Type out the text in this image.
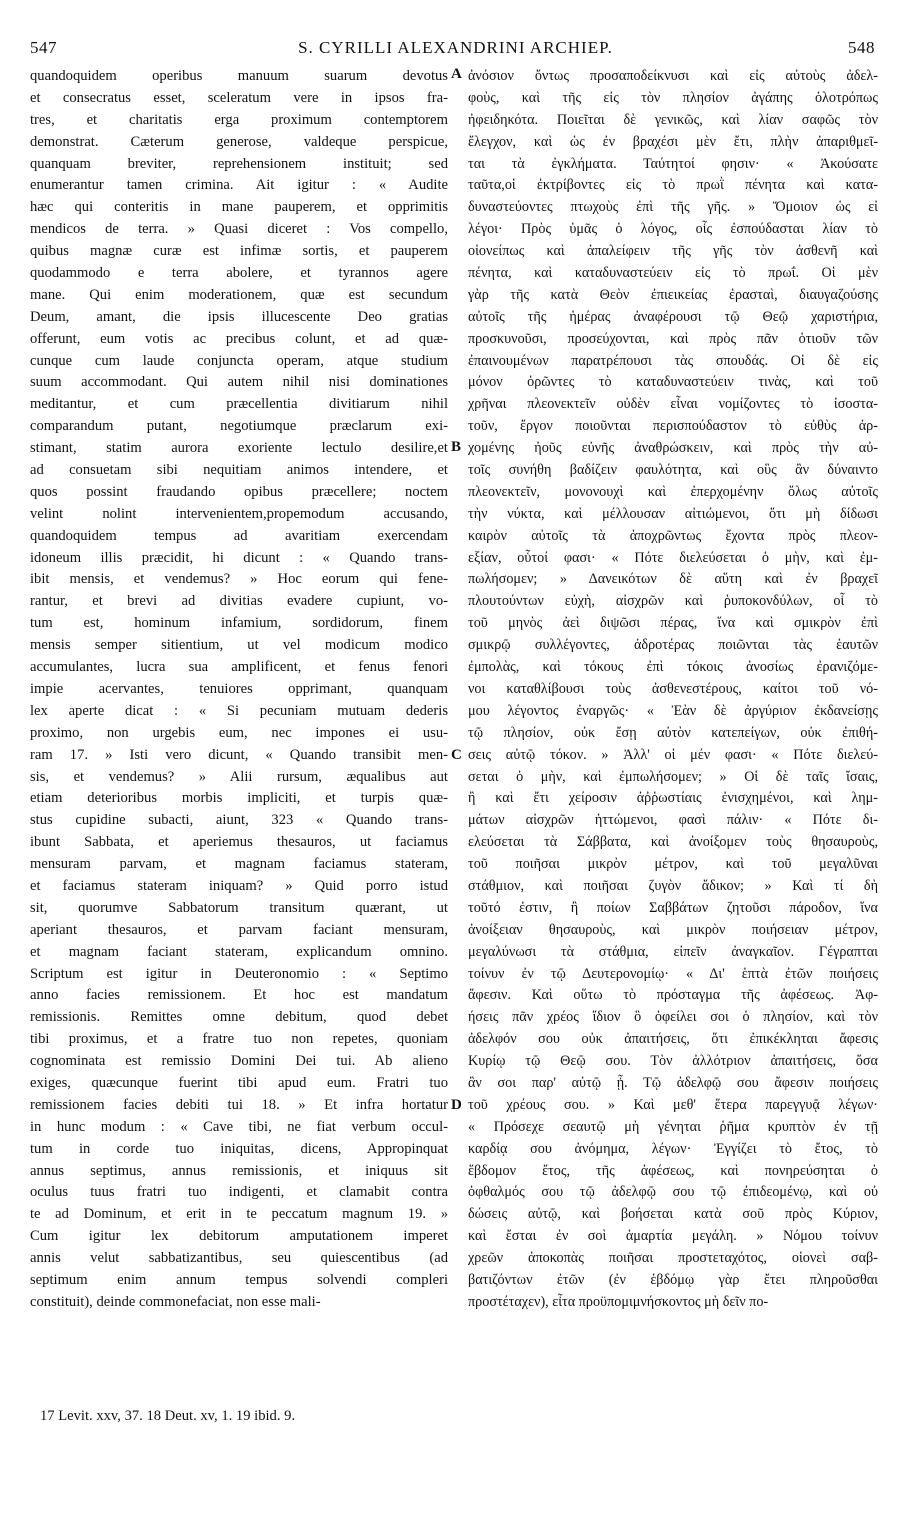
547	S. CYRILLI ALEXANDRINI ARCHIEP.	548
quandoquidem operibus manuum suarum devotus
et consecratus esset, sceleratum vere in ipsos fra-
tres, et charitatis erga proximum contemptorem
demonstrat. Cæterum generose, valdeque perspicue,
quanquam breviter, reprehensionem instituit; sed
enumerantur tamen crimina. Ait igitur : « Audite
hæc qui conteritis in mane pauperem, et opprimitis
mendicos de terra. » Quasi diceret : Vos compello,
quibus magnæ curæ est infimæ sortis, et pauperem
quodammodo e terra abolere, et tyrannos agere
mane. Qui enim moderationem, quæ est secundum
Deum, amant, die ipsis illucescente Deo gratias
offerunt, eum votis ac precibus colunt, et ad quæ-
cunque cum laude conjuncta operam, atque studium
suum accommodant. Qui autem nihil nisi dominationes
meditantur, et cum præcellentia divitiarum nihil
comparandum putant, negotiumque præclarum exi-
stimant, statim aurora exoriente lectulo desilire,et
ad consuetam sibi nequitiam animos intendere, et
quos possint fraudando opibus præcellere; noctem
velint nolint intervenientem,propemodum accusando,
quandoquidem tempus ad avaritiam exercendam
idoneum illis præcidit, hi dicunt : « Quando trans-
ibit mensis, et vendemus? » Hoc eorum qui fene-
rantur, et brevi ad divitias evadere cupiunt, vo-
tum est, hominum infamium, sordidorum, finem
mensis semper sitientium, ut vel modicum modico
accumulantes, lucra sua amplificent, et fenus fenori
impie acervantes, tenuiores opprimant, quanquam
lex aperte dicat : « Si pecuniam mutuam dederis
proximo, non urgebis eum, nec impones ei usu-
ram 17. » Isti vero dicunt, « Quando transibit men-
sis, et vendemus? » Alii rursum, æqualibus aut
etiam deterioribus morbis impliciti, et turpis quæ-
stus cupidine subacti, aiunt, 323 « Quando trans-
ibunt Sabbata, et aperiemus thesauros, ut faciamus
mensuram parvam, et magnam faciamus stateram,
et faciamus stateram iniquam? » Quid porro istud
sit, quorumve Sabbatorum transitum quærant, ut
aperiant thesauros, et parvam faciant mensuram,
et magnam faciant stateram, explicandum omnino.
Scriptum est igitur in Deuteronomio : « Septimo
anno facies remissionem. Et hoc est mandatum
remissionis. Remittes omne debitum, quod debet
tibi proximus, et a fratre tuo non repetes, quoniam
cognominata est remissio Domini Dei tui. Ab alieno
exiges, quæcunque fuerint tibi apud eum. Fratri tuo
remissionem facies debiti tui 18. » Et infra hortatur
in hunc modum : « Cave tibi, ne fiat verbum occul-
tum in corde tuo iniquitas, dicens, Appropinquat
annus septimus, annus remissionis, et iniquus sit
oculus tuus fratri tuo indigenti, et clamabit contra
te ad Dominum, et erit in te peccatum magnum 19. »
Cum igitur lex debitorum amputationem imperet
annis velut sabbatizantibus, seu quiescentibus (ad
septimum enim annum tempus solvendi compleri
constituit), deinde commonefaciat, non esse mali-
ἀνόσιον ὄντως προσαποδείκνυσι καὶ εἰς αὐτοὺς ἀδελ-
φοὺς, καὶ τῆς εἰς τὸν πλησίον ἀγάπης ὁλοτρόπως
ἠφειδηκότα. Ποιεῖται δὲ γενικῶς, καὶ λίαν σαφῶς τὸν
ἔλεγχον, καὶ ὡς ἐν βραχέσι μὲν ἔτι, πλὴν ἀπαριθμεῖ-
ται τὰ ἐγκλήματα. Ταύτητοί φησιν· « Ἀκούσατε
ταῦτα,οἱ ἐκτρίβοντες εἰς τὸ πρωῒ πένητα καὶ κατα-
δυναστεύοντες πτωχοὺς ἐπὶ τῆς γῆς. » Ὅμοιον ὡς εἰ
λέγοι· Πρὸς ὑμᾶς ὁ λόγος, οἷς ἐσπούδασται λίαν τὸ
οἱονείπως καὶ ἀπαλείφειν τῆς γῆς τὸν ἀσθενῆ καὶ
πένητα, καὶ καταδυναστεύειν εἰς τὸ πρωΐ. Οἱ μὲν
γὰρ τῆς κατὰ Θεὸν ἐπιεικείας ἐρασταὶ, διαυγαζούσης
αὐτοῖς τῆς ἡμέρας ἀναφέρουσι τῷ Θεῷ χαριστήρια,
προσκυνοῦσι, προσεύχονται, καὶ πρὸς πᾶν ὁτιοῦν τῶν
ἐπαινουμένων παρατρέπουσι τὰς σπουδάς. Οἱ δὲ εἰς
μόνον ὁρῶντες τὸ καταδυναστεύειν τινὰς, καὶ τοῦ
χρῆναι πλεονεκτεῖν οὐδὲν εἶναι νομίζοντες τὸ ἰσοστα-
τοῦν, ἔργον ποιοῦνται περισπούδαστον τὸ εὐθὺς ἀρ-
χομένης ἠοῦς εὐνῆς ἀναθρώσκειν, καὶ πρὸς τὴν αὐ-
τοῖς συνήθη βαδίζειν φαυλότητα, καὶ οὓς ἂν δύναιντο
πλεονεκτεῖν, μονονουχὶ καὶ ἐπερχομένην ὅλως αὐτοῖς
τὴν νύκτα, καὶ μέλλουσαν αἰτιώμενοι, ὅτι μὴ δίδωσι
καιρὸν αὐτοῖς τὰ ἀποχρῶντως ἔχοντα πρὸς πλεον-
εξίαν, οὗτοί φασι· « Πότε διελεύσεται ὁ μὴν, καὶ ἐμ-
πωλήσομεν; » Δανεικότων δὲ αὕτη καὶ ἐν βραχεῖ
πλουτούντων εὐχὴ, αἰσχρῶν καὶ ῥυποκονδύλων, οἷ τὸ
τοῦ μηνὸς ἀεὶ διψῶσι πέρας, ἵνα καὶ σμικρὸν ἐπὶ
σμικρῷ συλλέγοντες, ἀδροτέρας ποιῶνται τὰς ἑαυτῶν
ἐμπολὰς, καὶ τόκους ἐπὶ τόκοις ἀνοσίως ἐρανιζόμε-
νοι καταθλίβουσι τοὺς ἀσθενεστέρους, καίτοι τοῦ νό-
μου λέγοντος ἐναργῶς· « Ἐὰν δὲ ἀργύριον ἐκδανείσῃς
τῷ πλησίον, οὐκ ἔσῃ αὐτὸν κατεπείγων, οὐκ ἐπιθή-
σεις αὐτῷ τόκον. » Ἀλλ' οἱ μέν φασι· « Πότε διελεύ-
σεται ὁ μὴν, καὶ ἐμπωλήσομεν; » Οἱ δὲ ταῖς ἴσαις,
ἢ καὶ ἔτι χείροσιν ἀῤῥωστίαις ἐνισχημένοι, καὶ λημ-
μάτων αἰσχρῶν ἡττώμενοι, φασὶ πάλιν· « Πότε δι-
ελεύσεται τὰ Σάββατα, καὶ ἀνοίξομεν τοὺς θησαυροὺς,
τοῦ ποιῆσαι μικρὸν μέτρον, καὶ τοῦ μεγαλῦναι
στάθμιον, καὶ ποιῆσαι ζυγὸν ἄδικον; » Καὶ τί δὴ
τοῦτό ἐστιν, ἢ ποίων Σαββάτων ζητοῦσι πάροδον, ἵνα
ἀνοίξειαν θησαυροὺς, καὶ μικρὸν ποιήσειαν μέτρον,
μεγαλύνωσι τὰ στάθμια, εἰπεῖν ἀναγκαῖον. Γέγραπται
τοίνυν ἐν τῷ Δευτερονομίῳ· « Δι' ἑπτὰ ἐτῶν ποιήσεις
ἄφεσιν. Καὶ οὕτω τὸ πρόσταγμα τῆς ἀφέσεως. Ἀφ-
ήσεις πᾶν χρέος ἴδιον ὃ ὀφείλει σοι ὁ πλησίον, καὶ τὸν
ἀδελφόν σου οὐκ ἀπαιτήσεις, ὅτι ἐπικέκληται ἄφεσις
Κυρίῳ τῷ Θεῷ σου. Τὸν ἀλλότριον ἀπαιτήσεις, ὅσα
ἂν σοι παρ' αὐτῷ ᾖ. Τῷ ἀδελφῷ σου ἄφεσιν ποιήσεις
τοῦ χρέους σου. » Καὶ μεθ' ἕτερα παρεγγυᾷ λέγων·
« Πρόσεχε σεαυτῷ μὴ γένηται ῥῆμα κρυπτὸν ἐν τῇ
καρδίᾳ σου ἀνόμημα, λέγων· Ἐγγίζει τὸ ἔτος, τὸ
ἕβδομον ἔτος, τῆς ἀφέσεως, καὶ πονηρεύσηται ὁ
ὀφθαλμός σου τῷ ἀδελφῷ σου τῷ ἐπιδεομένῳ, καὶ οὐ
δώσεις αὐτῷ, καὶ βοήσεται κατὰ σοῦ πρὸς Κύριον,
καὶ ἔσται ἐν σοὶ ἁμαρτία μεγάλη. » Νόμου τοίνυν
χρεῶν ἀποκοπὰς ποιῆσαι προστεταχότος, οἱονεὶ σαβ-
βατιζόντων ἐτῶν (ἐν ἑβδόμῳ γὰρ ἔτει πληροῦσθαι
προστέταχεν), εἶτα προϋπομιμνήσκοντος μὴ δεῖν πο-
A
B
C
D
17 Levit. xxv, 37. 18 Deut. xv, 1. 19 ibid. 9.
